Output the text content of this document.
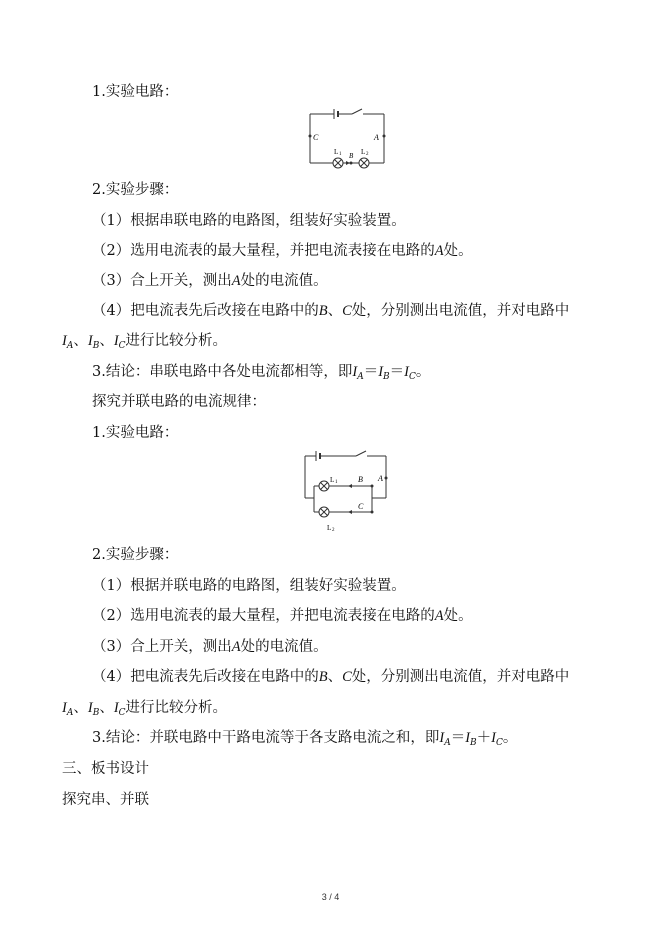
1.实验电路：
C	A
B
L 1	L 2
2.实验步骤：
（1）根据串联电路的电路图，组装好实验装置。
（2）选用电流表的最大量程，并把电流表接在电路的A处。
（3）合上开关，测出A处的电流值。
（4）把电流表先后改接在电路中的B、C处，分别测出电流值，并对电路中
$I_A$、$I_B$、$I_C$进行比较分析。
3.结论：串联电路中各处电流都相等，即$I_A=I_B=I_C$。
探究并联电路的电流规律：
1.实验电路：
A
B
C
L 1
L 2
2.实验步骤：
（1）根据并联电路的电路图，组装好实验装置。
（2）选用电流表的最大量程，并把电流表接在电路的A处。
（3）合上开关，测出A处的电流值。
（4）把电流表先后改接在电路中的B、C处，分别测出电流值，并对电路中
$I_A$、$I_B$、$I_C$进行比较分析。
3.结论：并联电路中干路电流等于各支路电流之和，即$I_A=I_B+I_C$。
三、板书设计
探究串、并联
3 / 4
